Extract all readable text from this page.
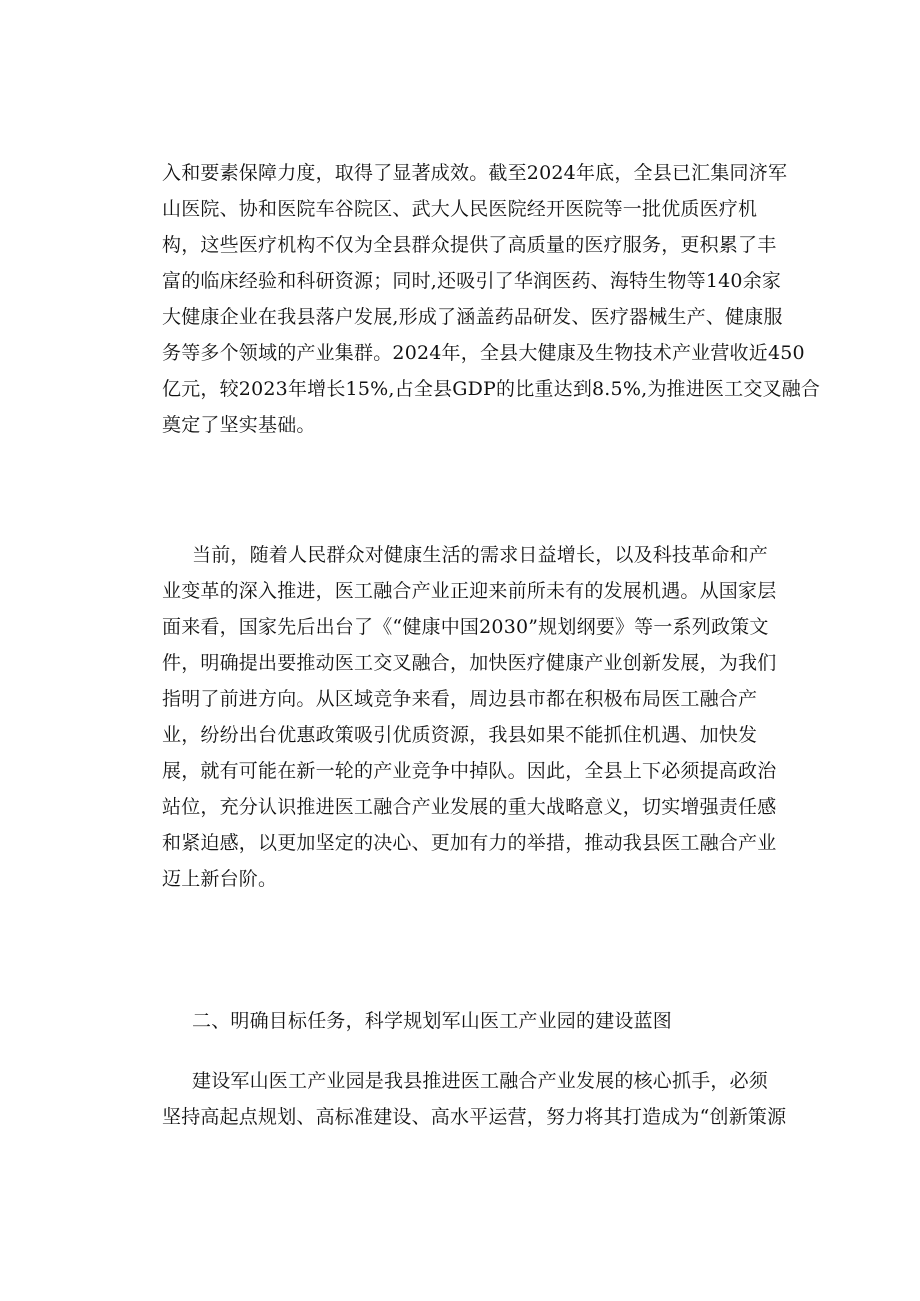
入和要素保障力度，取得了显著成效。截至2024年底，全县已汇集同济军
山医院、协和医院车谷院区、武大人民医院经开医院等一批优质医疗机
构，这些医疗机构不仅为全县群众提供了高质量的医疗服务，更积累了丰
富的临床经验和科研资源；同时,还吸引了华润医药、海特生物等140余家
大健康企业在我县落户发展,形成了涵盖药品研发、医疗器械生产、健康服
务等多个领域的产业集群。2024年，全县大健康及生物技术产业营收近450
亿元，较2023年增长15%,占全县GDP的比重达到8.5%,为推进医工交叉融合
奠定了坚实基础。
当前，随着人民群众对健康生活的需求日益增长，以及科技革命和产
业变革的深入推进，医工融合产业正迎来前所未有的发展机遇。从国家层
面来看，国家先后出台了《“健康中国2030”规划纲要》等一系列政策文
件，明确提出要推动医工交叉融合，加快医疗健康产业创新发展，为我们
指明了前进方向。从区域竞争来看，周边县市都在积极布局医工融合产
业，纷纷出台优惠政策吸引优质资源，我县如果不能抓住机遇、加快发
展，就有可能在新一轮的产业竞争中掉队。因此，全县上下必须提高政治
站位，充分认识推进医工融合产业发展的重大战略意义，切实增强责任感
和紧迫感，以更加坚定的决心、更加有力的举措，推动我县医工融合产业
迈上新台阶。
二、明确目标任务，科学规划军山医工产业园的建设蓝图
建设军山医工产业园是我县推进医工融合产业发展的核心抓手，必须
坚持高起点规划、高标准建设、高水平运营，努力将其打造成为“创新策源
